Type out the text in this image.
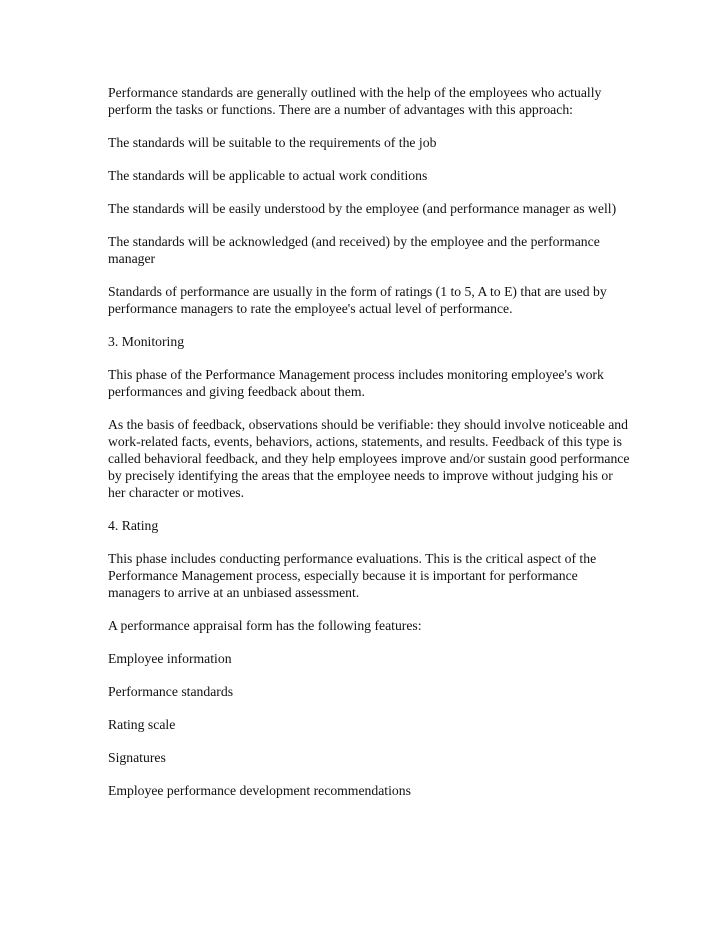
Performance standards are generally outlined with the help of the employees who actually perform the tasks or functions. There are a number of advantages with this approach:

The standards will be suitable to the requirements of the job

The standards will be applicable to actual work conditions

The standards will be easily understood by the employee (and performance manager as well)

The standards will be acknowledged (and received) by the employee and the performance manager

Standards of performance are usually in the form of ratings (1 to 5, A to E) that are used by performance managers to rate the employee's actual level of performance.

3. Monitoring

This phase of the Performance Management process includes monitoring employee's work performances and giving feedback about them.

As the basis of feedback, observations should be verifiable: they should involve noticeable and work-related facts, events, behaviors, actions, statements, and results. Feedback of this type is called behavioral feedback, and they help employees improve and/or sustain good performance by precisely identifying the areas that the employee needs to improve without judging his or her character or motives.

4. Rating

This phase includes conducting performance evaluations. This is the critical aspect of the Performance Management process, especially because it is important for performance managers to arrive at an unbiased assessment.

A performance appraisal form has the following features:

Employee information

Performance standards

Rating scale

Signatures

Employee performance development recommendations
